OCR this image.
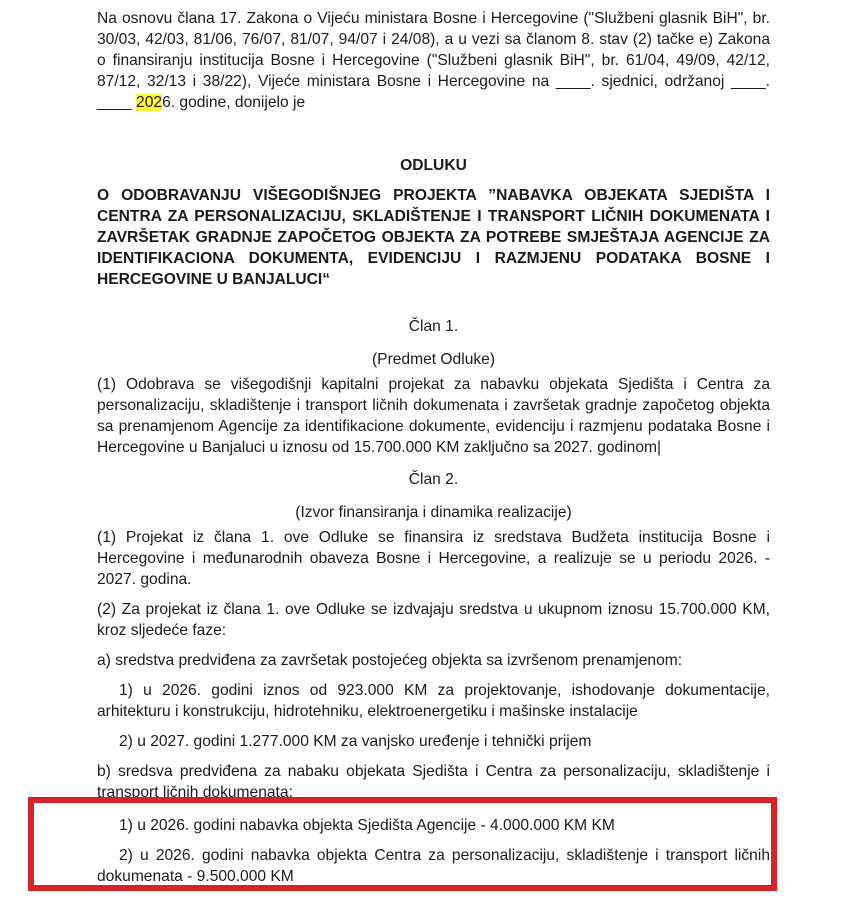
Na osnovu člana 17. Zakona o Vijeću ministara Bosne i Hercegovine ("Službeni glasnik BiH", br. 30/03, 42/03, 81/06, 76/07, 81/07, 94/07 i 24/08), a u vezi sa članom 8. stav (2) tačke e) Zakona o finansiranju institucija Bosne i Hercegovine ("Službeni glasnik BiH", br. 61/04, 49/09, 42/12, 87/12, 32/13 i 38/22), Vijeće ministara Bosne i Hercegovine na ____. sjednici, održanoj ____. ____ 2026. godine, donijelo je

ODLUKU

O ODOBRAVANJU VIŠEGODIŠNJEG PROJEKTA ”NABAVKA OBJEKATA SJEDIŠTA I CENTRA ZA PERSONALIZACIJU, SKLADIŠTENJE I TRANSPORT LIČNIH DOKUMENATA I ZAVRŠETAK GRADNJE ZAPOČETOG OBJEKTA ZA POTREBE SMJEŠTAJA AGENCIJE ZA IDENTIFIKACIONA DOKUMENTA, EVIDENCIJU I RAZMJENU PODATAKA BOSNE I HERCEGOVINE U BANJALUCI“

Član 1.

(Predmet Odluke)

(1) Odobrava se višegodišnji kapitalni projekat za nabavku objekata Sjedišta i Centra za personalizaciju, skladištenje i transport ličnih dokumenata i završetak gradnje započetog objekta sa prenamjenom Agencije za identifikacione dokumente, evidenciju i razmjenu podataka Bosne i Hercegovine u Banjaluci u iznosu od 15.700.000 KM zaključno sa 2027. godinom|

Član 2.

(Izvor finansiranja i dinamika realizacije)

(1) Projekat iz člana 1. ove Odluke se finansira iz sredstava Budžeta institucija Bosne i Hercegovine i međunarodnih obaveza Bosne i Hercegovine, a realizuje se u periodu 2026. - 2027. godina.

(2) Za projekat iz člana 1. ove Odluke se izdvajaju sredstva u ukupnom iznosu 15.700.000 KM, kroz sljedeće faze:

a) sredstva predviđena za završetak postojećeg objekta sa izvršenom prenamjenom:

1) u 2026. godini iznos od 923.000 KM za projektovanje, ishodovanje dokumentacije, arhitekturu i konstrukciju, hidrotehniku, elektroenergetiku i mašinske instalacije

2) u 2027. godini 1.277.000 KM za vanjsko uređenje i tehnički prijem

b) sredsva predviđena za nabaku objekata Sjedišta i Centra za personalizaciju, skladištenje i transport ličnih dokumenata:

1) u 2026. godini nabavka objekta Sjedišta Agencije - 4.000.000 KM KM

2) u 2026. godini nabavka objekta Centra za personalizaciju, skladištenje i transport ličnih dokumenata - 9.500.000 KM
